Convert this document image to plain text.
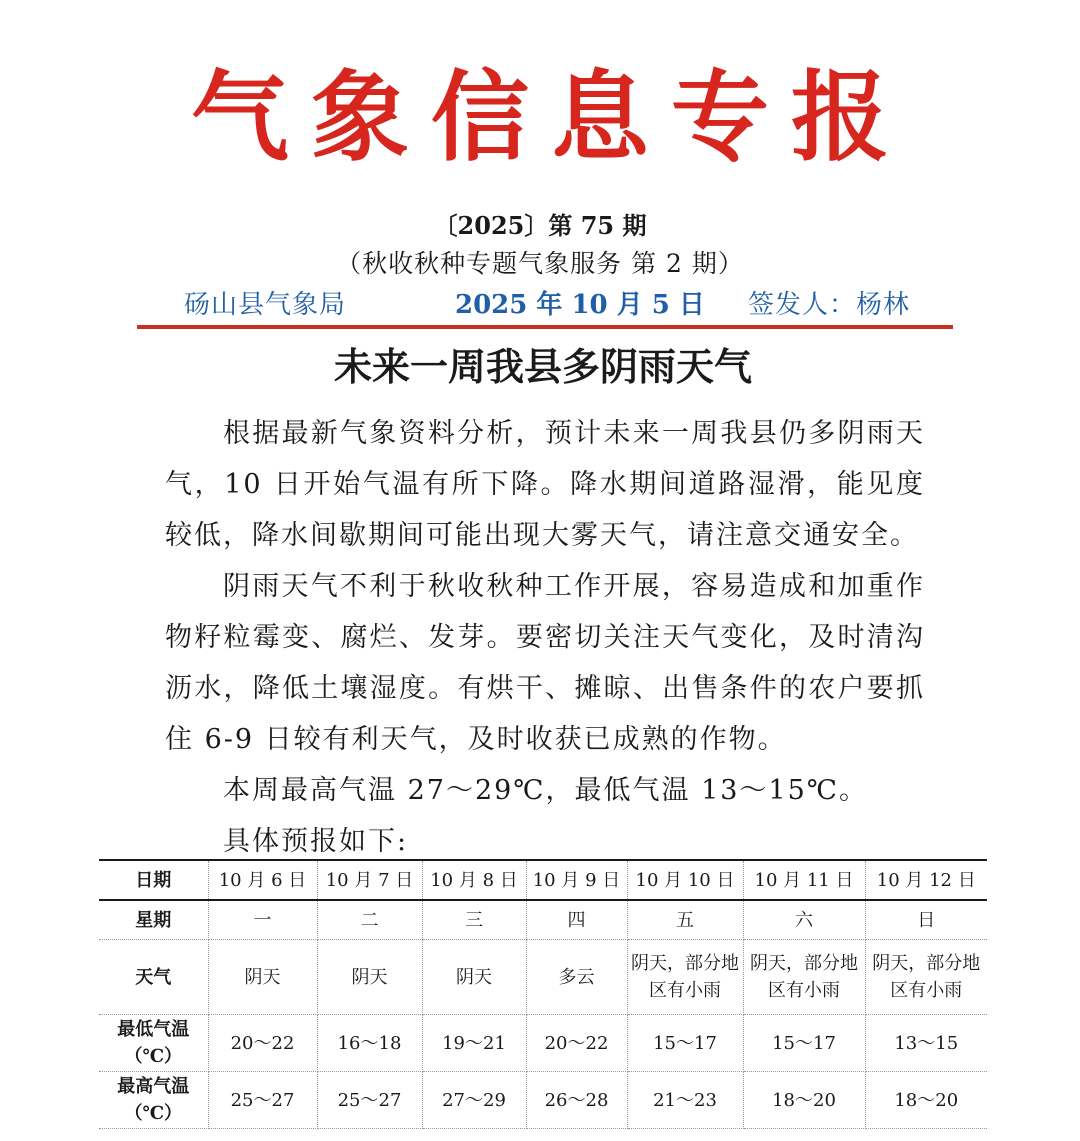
气象信息专报
〔2025〕第 75 期
（秋收秋种专题气象服务 第 2 期）
砀山县气象局	2025 年 10 月 5 日 签发人：杨林
未来一周我县多阴雨天气

根据最新气象资料分析，预计未来一周我县仍多阴雨天气，10 日开始气温有所下降。降水期间道路湿滑，能见度较低，降水间歇期间可能出现大雾天气，请注意交通安全。

阴雨天气不利于秋收秋种工作开展，容易造成和加重作物籽粒霉变、腐烂、发芽。要密切关注天气变化，及时清沟沥水，降低土壤湿度。有烘干、摊晾、出售条件的农户要抓住 6-9 日较有利天气，及时收获已成熟的作物。

本周最高气温 27～29℃，最低气温 13～15℃。

具体预报如下:

日期	10 月 6 日	10 月 7 日	10 月 8 日	10 月 9 日	10 月 10 日	10 月 11 日	10 月 12 日
星期	一	二	三	四	五	六	日
天气	阴天	阴天	阴天	多云	阴天，部分地区有小雨	阴天，部分地区有小雨	阴天，部分地区有小雨
最低气温
（℃）	20～22	16～18	19～21	20～22	15～17	15～17	13～15
最高气温
（℃）	25～27	25～27	27～29	26～28	21～23	18～20	18～20
